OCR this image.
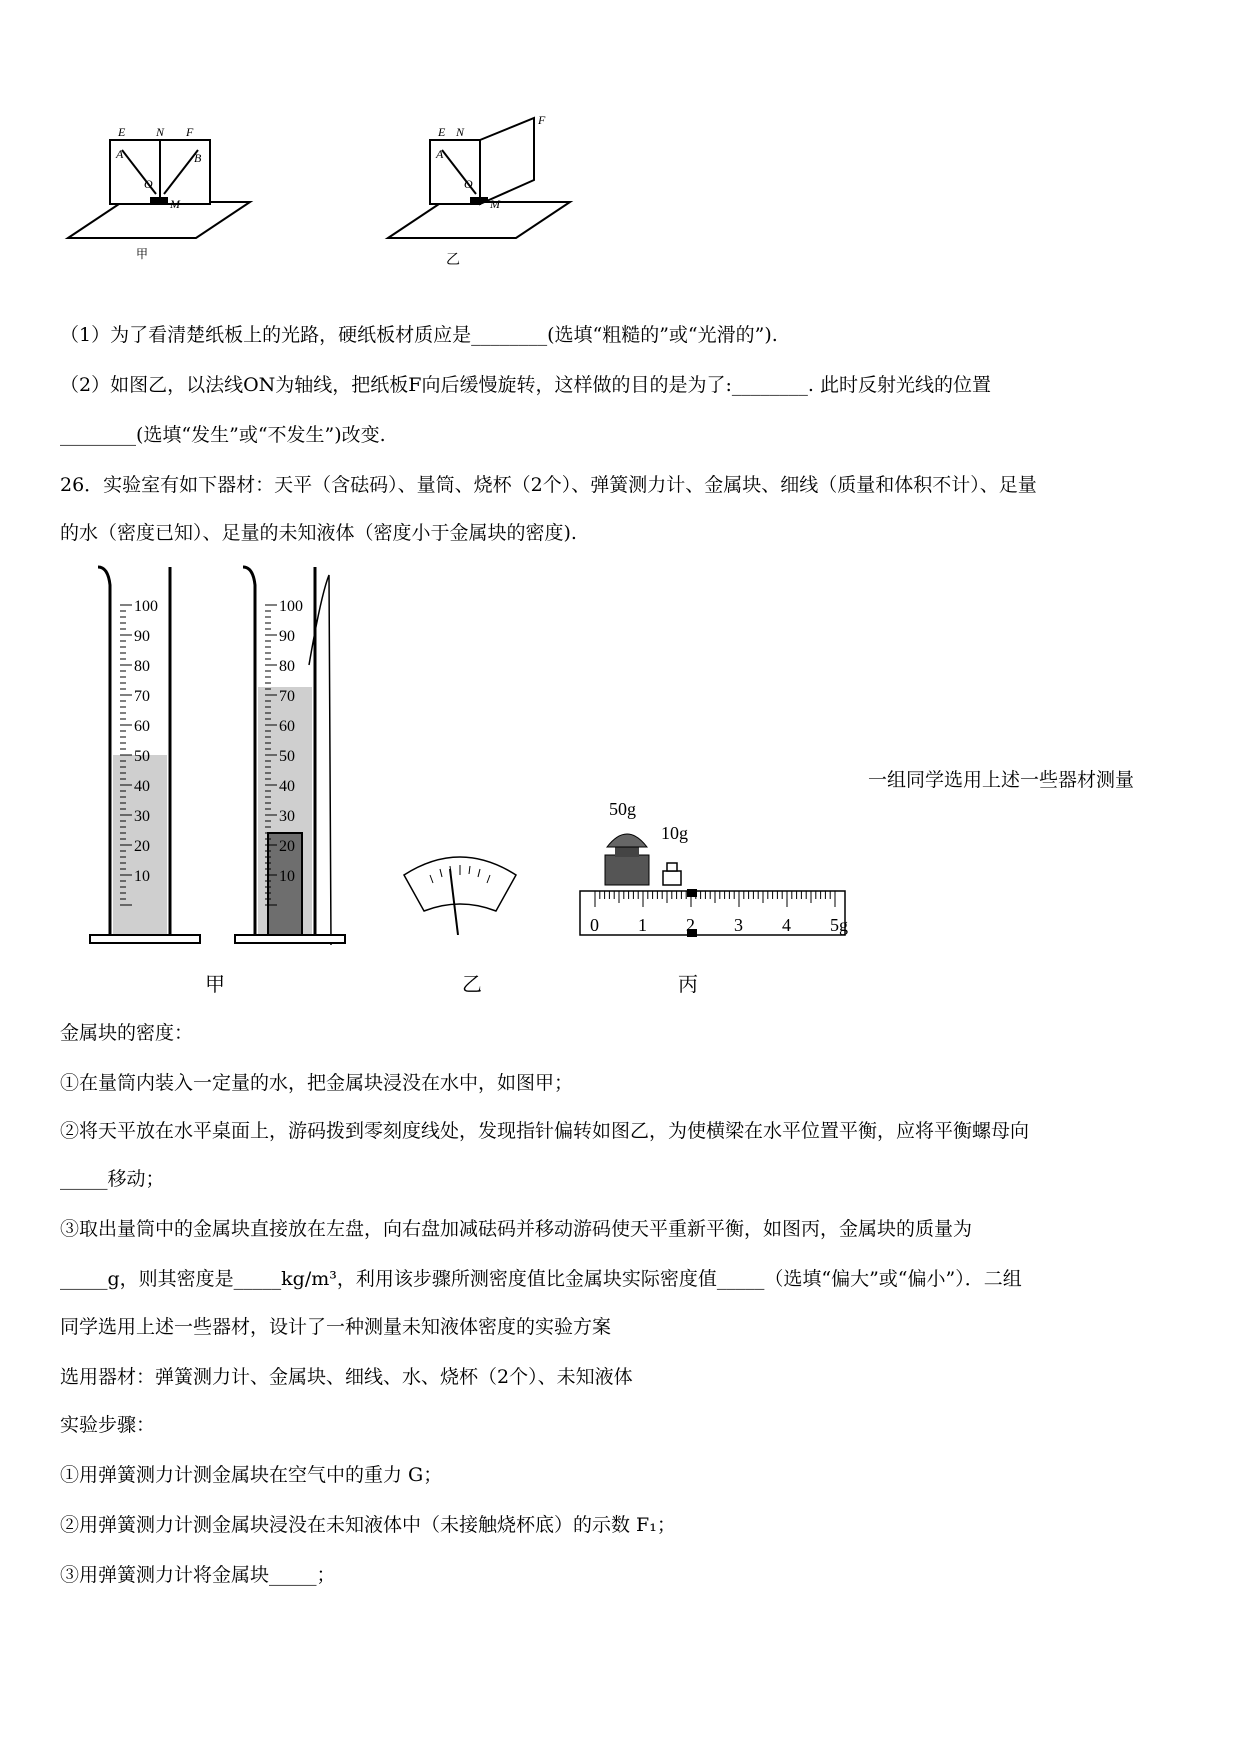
E	N F
A	B
O
M
甲
E N
F
A
O
M
乙
（1）为了看清楚纸板上的光路，硬纸板材质应是________(选填“粗糙的”或“光滑的”).
（2）如图乙，以法线ON为轴线，把纸板F向后缓慢旋转，这样做的目的是为了:________. 此时反射光线的位置
________(选填“发生”或“不发生”)改变.
26．实验室有如下器材：天平（含砝码）、量筒、烧杯（2个）、弹簧测力计、金属块、细线（质量和体积不计）、足量
的水（密度已知）、足量的未知液体（密度小于金属块的密度).
100
90
80
70
60
50
40
30
20
10
100
90
80
70
60
50
40
30
20
10
50g
10g
0 1 2 3 4 5g
甲	乙	丙
一组同学选用上述一些器材测量
金属块的密度：
①在量筒内装入一定量的水，把金属块浸没在水中，如图甲；
②将天平放在水平桌面上，游码拨到零刻度线处，发现指针偏转如图乙，为使横梁在水平位置平衡，应将平衡螺母向
_____移动；
③取出量筒中的金属块直接放在左盘，向右盘加减砝码并移动游码使天平重新平衡，如图丙，金属块的质量为
_____g，则其密度是_____kg/m³，利用该步骤所测密度值比金属块实际密度值_____（选填“偏大”或“偏小”）．二组
同学选用上述一些器材，设计了一种测量未知液体密度的实验方案
选用器材：弹簧测力计、金属块、细线、水、烧杯（2个）、未知液体
实验步骤：
①用弹簧测力计测金属块在空气中的重力 G；
②用弹簧测力计测金属块浸没在未知液体中（未接触烧杯底）的示数 F₁；
③用弹簧测力计将金属块_____；
